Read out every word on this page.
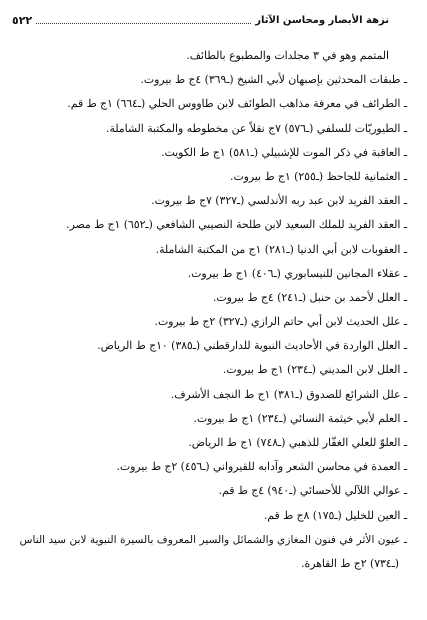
نزهة الأبصار ومحاسن الآثار
٥٢٢
المتمم وهو في ٣ مجلدات والمطبوع بالطائف.
ـ طبقات المحدثين بإصبهان لأبي الشيخ (ـ٣٦٩) ٤ج ط بيروت.
ـ الطرائف في معرفة مذاهب الطوائف لابن طاووس الحلي (ـ٦٦٤) ١ج ط قم.
ـ الطيوريّات للسلفي (ـ٥٧٦) ٧ج نقلاً عن مخطوطه والمكتبة الشاملة.
ـ العاقبة في ذكر الموت للإشبيلي (ـ٥٨١) ١ج ط الكويت.
ـ العثمانية للجاحظ (ـ٢٥٥) ١ج ط بيروت.
ـ العقد الفريد لابن عبد ربه الأندلسي (ـ٣٢٧) ٧ج ط بيروت.
ـ العقد الفريد للملك السعيد لابن طلحة النصيبي الشافعي (ـ٦٥٢) ١ج ط مصر.
ـ العقوبات لابن أبي الدنيا (ـ٢٨١) ١ج من المكتبة الشاملة.
ـ عقلاء المجانين للنيسابوري (ـ٤٠٦) ١ج ط بيروت.
ـ العلل لأحمد بن حنبل (ـ٢٤١) ٤ج ط بيروت.
ـ علل الحديث لابن أبي حاتم الرازي (ـ٣٢٧) ٢ج ط بيروت.
ـ العلل الواردة في الأحاديث النبوية للدارقطني (ـ٣٨٥) ١٠ج ط الرياض.
ـ العلل لابن المديني (ـ٢٣٤) ١ج ط بيروت.
ـ علل الشرائع للصدوق (ـ٣٨١) ١ج ط النجف الأشرف.
ـ العلم لأبي خيثمة النسائي (ـ٢٣٤) ١ج ط بيروت.
ـ العلوّ للعلي الغفّار للذهبي (ـ٧٤٨) ١ج ط الرياض.
ـ العمدة في محاسن الشعر وآدابه للقيرواني (ـ٤٥٦) ٢ج ط بيروت.
ـ عوالي اللآلي للأحسائي (ـ٩٤٠) ٤ج ط قم.
ـ العين للخليل (ـ١٧٥) ٨ج ط قم.
ـ عيون الأثر في فنون المغازي والشمائل والسير المعروف بالسيرة النبوية لابن سيد الناس
(ـ٧٣٤) ٢ج ط القاهرة.
